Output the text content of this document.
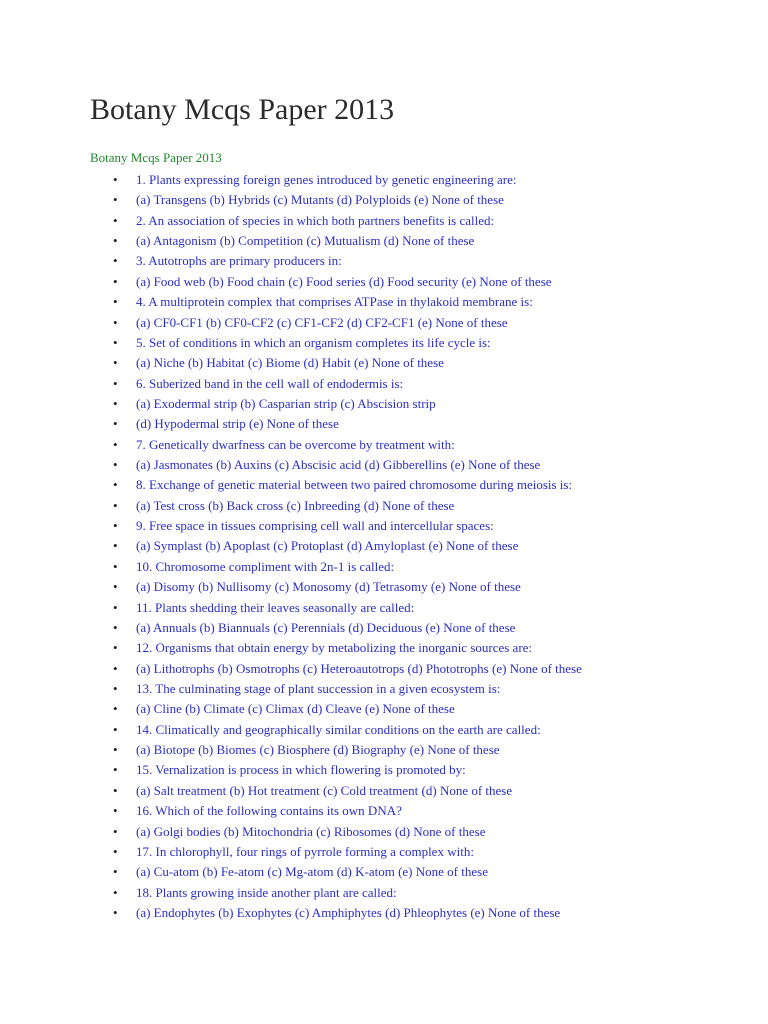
Botany Mcqs Paper 2013
Botany Mcqs Paper 2013
• 1. Plants expressing foreign genes introduced by genetic engineering are:
• (a) Transgens (b) Hybrids (c) Mutants (d) Polyploids (e) None of these
• 2. An association of species in which both partners benefits is called:
• (a) Antagonism (b) Competition (c) Mutualism (d) None of these
• 3. Autotrophs are primary producers in:
• (a) Food web (b) Food chain (c) Food series (d) Food security (e) None of these
• 4. A multiprotein complex that comprises ATPase in thylakoid membrane is:
• (a) CF0-CF1 (b) CF0-CF2 (c) CF1-CF2 (d) CF2-CF1 (e) None of these
• 5. Set of conditions in which an organism completes its life cycle is:
• (a) Niche (b) Habitat (c) Biome (d) Habit (e) None of these
• 6. Suberized band in the cell wall of endodermis is:
• (a) Exodermal strip (b) Casparian strip (c) Abscision strip
• (d) Hypodermal strip (e) None of these
• 7. Genetically dwarfness can be overcome by treatment with:
• (a) Jasmonates (b) Auxins (c) Abscisic acid (d) Gibberellins (e) None of these
• 8. Exchange of genetic material between two paired chromosome during meiosis is:
• (a) Test cross (b) Back cross (c) Inbreeding (d) None of these
• 9. Free space in tissues comprising cell wall and intercellular spaces:
• (a) Symplast (b) Apoplast (c) Protoplast (d) Amyloplast (e) None of these
• 10. Chromosome compliment with 2n-1 is called:
• (a) Disomy (b) Nullisomy (c) Monosomy (d) Tetrasomy (e) None of these
• 11. Plants shedding their leaves seasonally are called:
• (a) Annuals (b) Biannuals (c) Perennials (d) Deciduous (e) None of these
• 12. Organisms that obtain energy by metabolizing the inorganic sources are:
• (a) Lithotrophs (b) Osmotrophs (c) Heteroautotrops (d) Phototrophs (e) None of these
• 13. The culminating stage of plant succession in a given ecosystem is:
• (a) Cline (b) Climate (c) Climax (d) Cleave (e) None of these
• 14. Climatically and geographically similar conditions on the earth are called:
• (a) Biotope (b) Biomes (c) Biosphere (d) Biography (e) None of these
• 15. Vernalization is process in which flowering is promoted by:
• (a) Salt treatment (b) Hot treatment (c) Cold treatment (d) None of these
• 16. Which of the following contains its own DNA?
• (a) Golgi bodies (b) Mitochondria (c) Ribosomes (d) None of these
• 17. In chlorophyll, four rings of pyrrole forming a complex with:
• (a) Cu-atom (b) Fe-atom (c) Mg-atom (d) K-atom (e) None of these
• 18. Plants growing inside another plant are called:
• (a) Endophytes (b) Exophytes (c) Amphiphytes (d) Phleophytes (e) None of these
